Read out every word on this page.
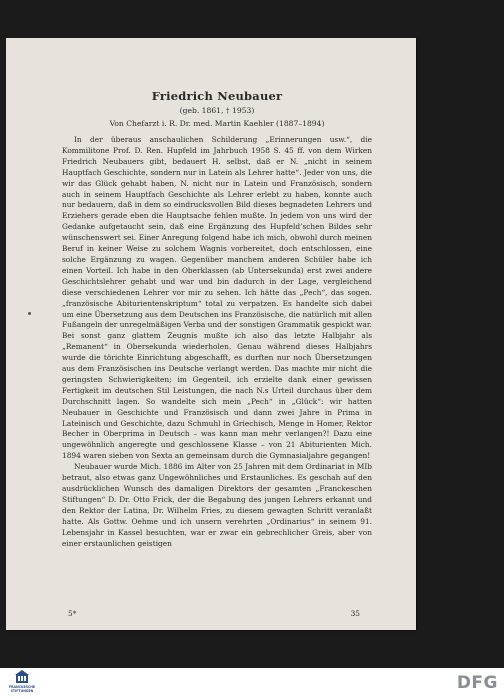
Friedrich Neubauer
(geb. 1861, † 1953)
Von Chefarzt i. R. Dr. med. Martin Kaehler (1887–1894)

In der überaus anschaulichen Schilderung „Erinnerungen usw.“, die Kommilitone Prof. D. Ren. Hupfeld im Jahrbuch 1958 S. 45 ff. von dem Wirken Friedrich Neubauers gibt, bedauert H. selbst, daß er N. „nicht in seinem Hauptfach Geschichte, sondern nur in Latein als Lehrer hatte“. Jeder von uns, die wir das Glück gehabt haben, N. nicht nur in Latein und Französisch, sondern auch in seinem Hauptfach Geschichte als Lehrer erlebt zu haben, konnte auch nur bedauern, daß in dem so eindrucksvollen Bild dieses begnadeten Lehrers und Erziehers gerade eben die Hauptsache fehlen mußte. In jedem von uns wird der Gedanke aufgetaucht sein, daß eine Ergänzung des Hupfeld’schen Bildes sehr wünschenswert sei. Einer Anregung folgend habe ich mich, obwohl durch meinen Beruf in keiner Weise zu solchem Wagnis vorbereitet, doch entschlossen, eine solche Ergänzung zu wagen. Gegenüber manchem anderen Schüler habe ich einen Vorteil. Ich habe in den Oberklassen (ab Untersekunda) erst zwei andere Geschichtslehrer gehabt und war und bin dadurch in der Lage, vergleichend diese verschiedenen Lehrer vor mir zu sehen. Ich hätte das „Pech“, das sogen. „französische Abiturientenskriptum“ total zu verpatzen. Es handelte sich dabei um eine Übersetzung aus dem Deutschen ins Französische, die natürlich mit allen Fußangeln der unregelmäßigen Verba und der sonstigen Grammatik gespickt war. Bei sonst ganz glattem Zeugnis mußte ich also das letzte Halbjahr als „Remanent“ in Obersekunda wiederholen. Genau während dieses Halbjahrs wurde die törichte Einrichtung abgeschafft, es durften nur noch Übersetzungen aus dem Französischen ins Deutsche verlangt werden. Das machte mir nicht die geringsten Schwierigkeiten; im Gegenteil, ich erzielte dank einer gewissen Fertigkeit im deutschen Stil Leistungen, die nach N.s Urteil durchaus über dem Durchschnitt lagen. So wandelte sich mein „Pech“ in „Glück“: wir hatten Neubauer in Geschichte und Französisch und dann zwei Jahre in Prima in Lateinisch und Geschichte, dazu Schmuhl in Griechisch, Menge in Homer, Rektor Becher in Oberprima in Deutsch – was kann man mehr verlangen?! Dazu eine ungewöhnlich angeregte und geschlossene Klasse – von 21 Abiturienten Mich. 1894 waren sieben von Sexta an gemeinsam durch die Gymnasialjahre gegangen!

Neubauer wurde Mich. 1886 im Alter von 25 Jahren mit dem Ordinariat in MIb betraut, also etwas ganz Ungewöhnliches und Erstaunliches. Es geschah auf den ausdrücklichen Wunsch des damaligen Direktors der gesamten „Franckeschen Stiftungen“ D. Dr. Otto Frick, der die Begabung des jungen Lehrers erkannt und den Rektor der Latina, Dr. Wilhelm Fries, zu diesem gewagten Schritt veranlaßt hatte. Als Gottw. Oehme und ich unsern verehrten „Ordinarius“ in seinem 91. Lebensjahr in Kassel besuchten, war er zwar ein gebrechlicher Greis, aber von einer erstaunlichen geistigen

5*	35
FRANCKESCHE STIFTUNGEN	DFG
